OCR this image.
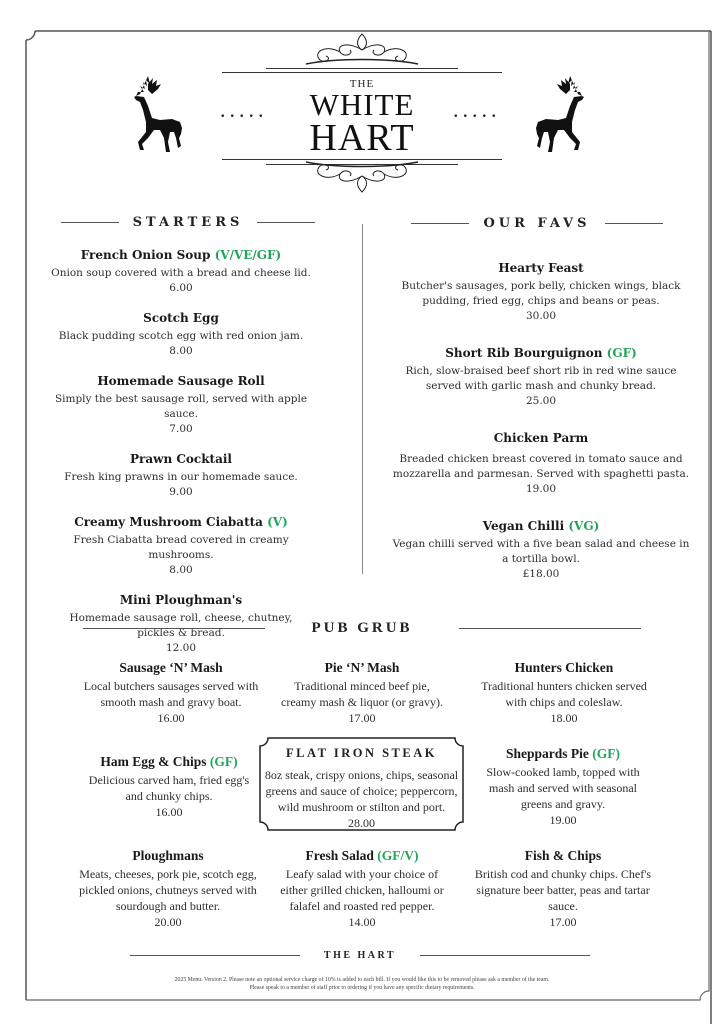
.....
THE
WHITE
HART
.....
STARTERS	OUR FAVS
French Onion Soup (V/VE/GF)
Onion soup covered with a bread and cheese lid.
6.00
Scotch Egg
Black pudding scotch egg with red onion jam.
8.00
Homemade Sausage Roll
Simply the best sausage roll, served with apple sauce.
7.00
Prawn Cocktail
Fresh king prawns in our homemade sauce.
9.00
Creamy Mushroom Ciabatta (V)
Fresh Ciabatta bread covered in creamy mushrooms.
8.00
Mini Ploughman's
Homemade sausage roll, cheese, chutney, pickles & bread.
12.00
Hearty Feast
Butcher's sausages, pork belly, chicken wings, black pudding, fried egg, chips and beans or peas.
30.00
Short Rib Bourguignon (GF)
Rich, slow-braised beef short rib in red wine sauce served with garlic mash and chunky bread.
25.00
Chicken Parm
Breaded chicken breast covered in tomato sauce and mozzarella and parmesan. Served with spaghetti pasta.
19.00
Vegan Chilli (VG)
Vegan chilli served with a five bean salad and cheese in a tortilla bowl.
£18.00
PUB GRUB
Sausage ‘N’ Mash
Local butchers sausages served with smooth mash and gravy boat.
16.00
Pie ‘N’ Mash
Traditional minced beef pie, creamy mash & liquor (or gravy).
17.00
Hunters Chicken
Traditional hunters chicken served with chips and coleslaw.
18.00
Ham Egg & Chips (GF)
Delicious carved ham, fried egg's and chunky chips.
16.00
FLAT IRON STEAK
8oz steak, crispy onions, chips, seasonal greens and sauce of choice; peppercorn, wild mushroom or stilton and port.
28.00
Sheppards Pie (GF)
Slow-cooked lamb, topped with mash and served with seasonal greens and gravy.
19.00
Ploughmans
Meats, cheeses, pork pie, scotch egg, pickled onions, chutneys served with sourdough and butter.
20.00
Fresh Salad (GF/V)
Leafy salad with your choice of either grilled chicken, halloumi or falafel and roasted red pepper.
14.00
Fish & Chips
British cod and chunky chips. Chef's signature beer batter, peas and tartar sauce.
17.00
THE HART
2025 Menu. Version 2. Please note an optional service charge of 10% is added to each bill. If you would like this to be removed please ask a member of the team.
Please speak to a member of staff prior to ordering if you have any specific dietary requirements.
